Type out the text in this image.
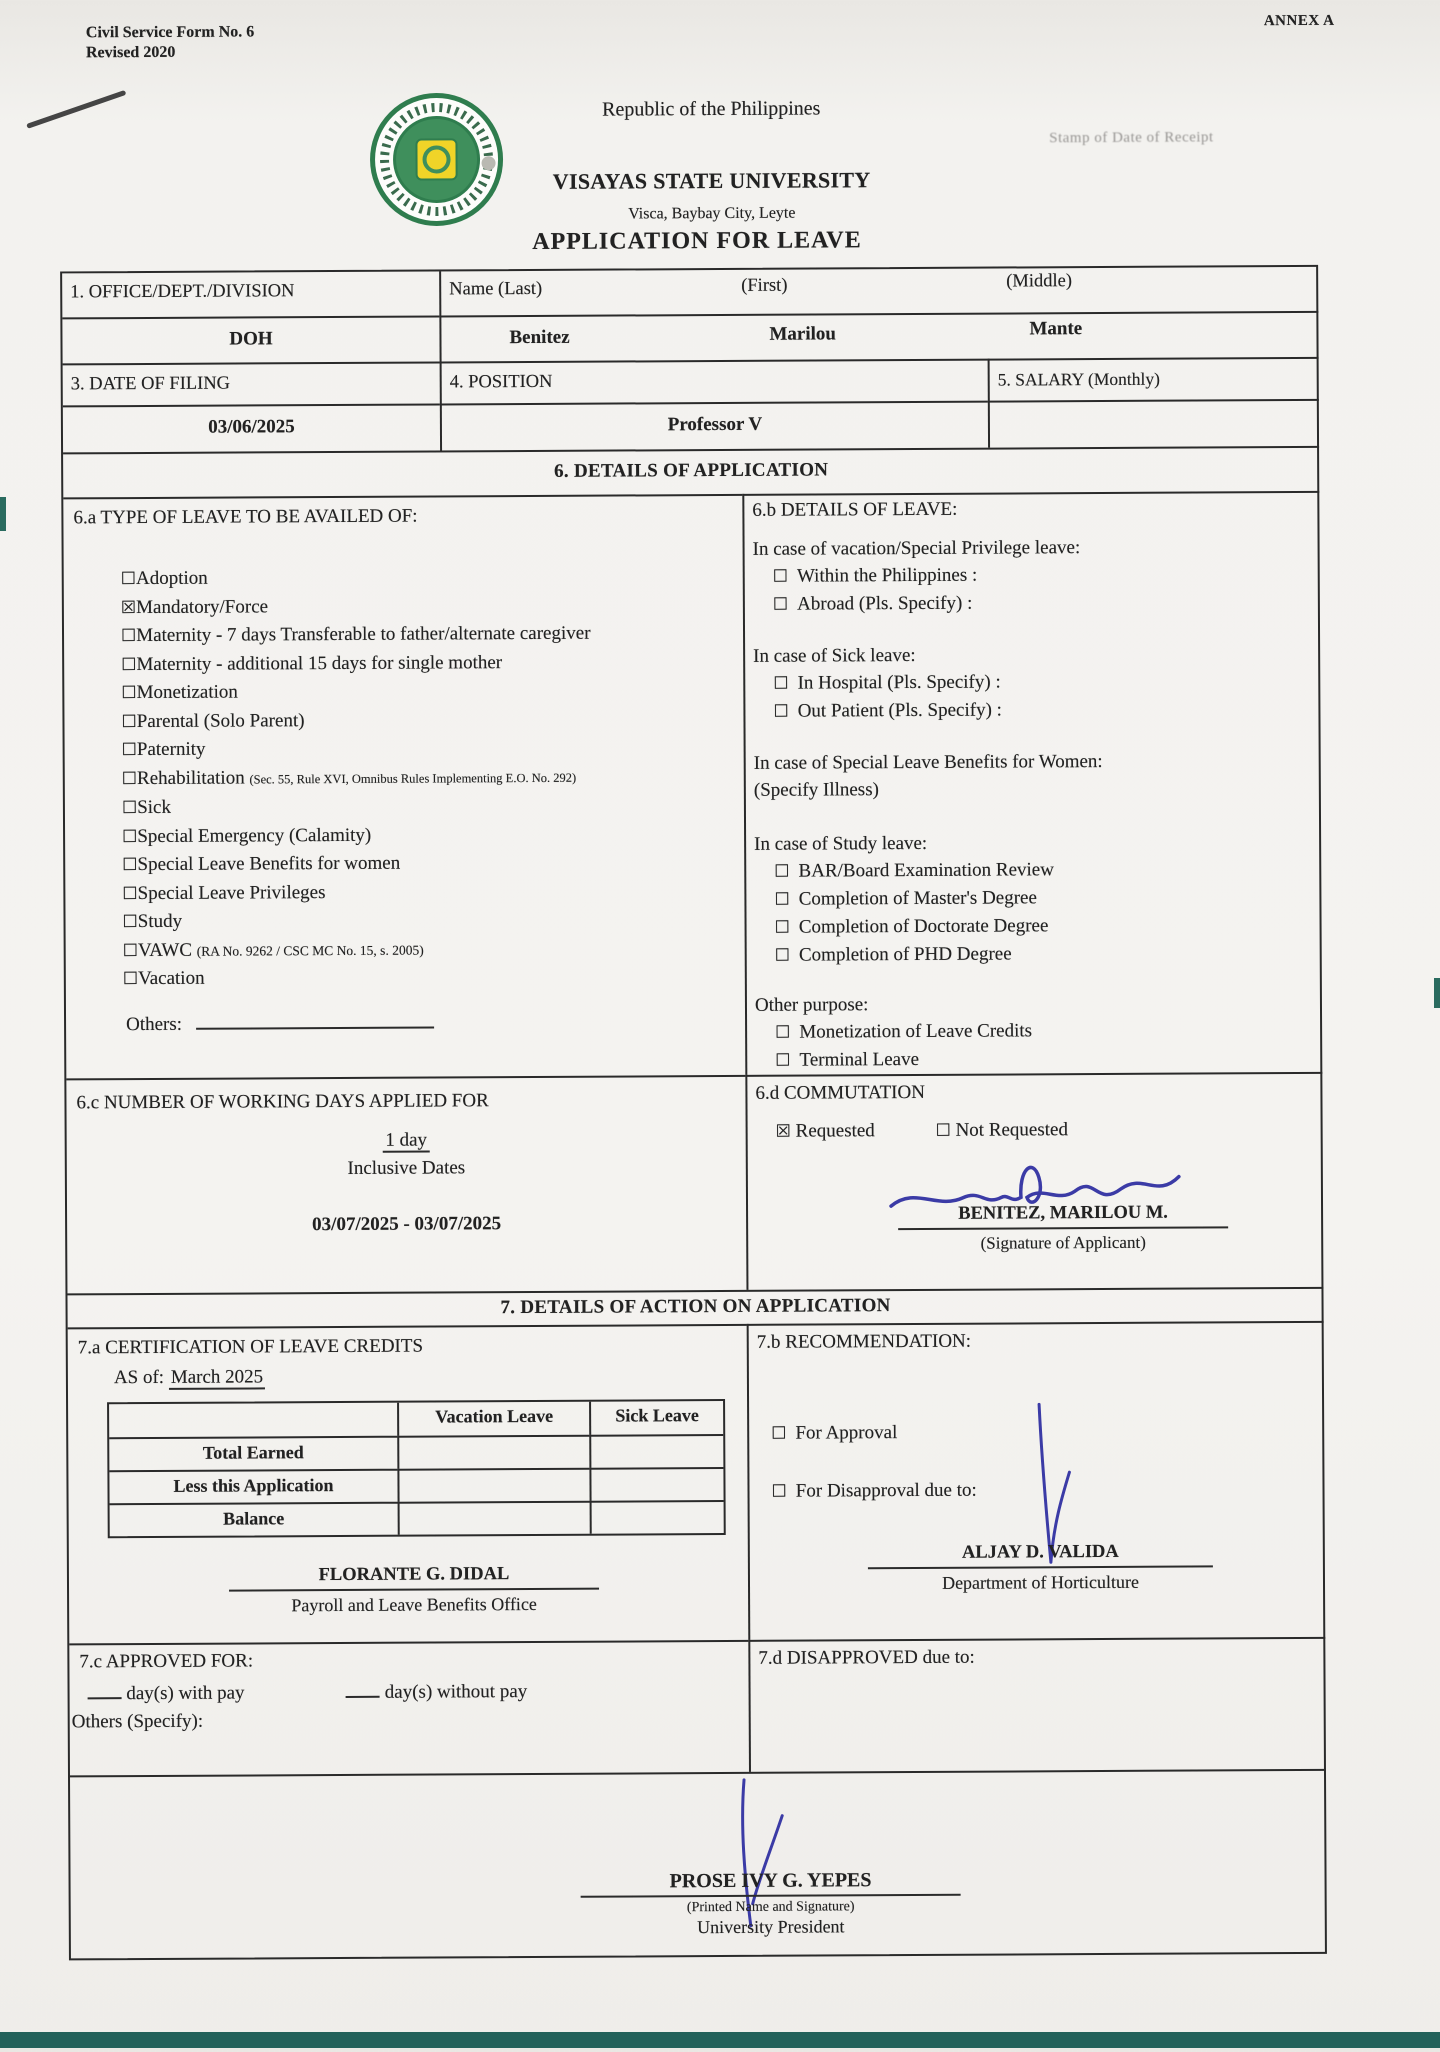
Civil Service Form No. 6
Revised 2020
ANNEX A
Republic of the Philippines
VISAYAS STATE UNIVERSITY
Visca, Baybay City, Leyte
Stamp of Date of Receipt
APPLICATION FOR LEAVE
1. OFFICE/DEPT./DIVISION	Name (Last)	(First)	(Middle)
DOH	Benitez	Marilou	Mante
3. DATE OF FILING	4. POSITION	5. SALARY (Monthly)
03/06/2025	Professor V
6. DETAILS OF APPLICATION
6.a TYPE OF LEAVE TO BE AVAILED OF:
☐Adoption
☒Mandatory/Force
☐Maternity - 7 days Transferable to father/alternate caregiver
☐Maternity - additional 15 days for single mother
☐Monetization
☐Parental (Solo Parent)
☐Paternity
☐Rehabilitation (Sec. 55, Rule XVI, Omnibus Rules Implementing E.O. No. 292)
☐Sick
☐Special Emergency (Calamity)
☐Special Leave Benefits for women
☐Special Leave Privileges
☐Study
☐VAWC (RA No. 9262 / CSC MC No. 15, s. 2005)
☐Vacation
Others:
6.b DETAILS OF LEAVE:
In case of vacation/Special Privilege leave:
☐ Within the Philippines :
☐ Abroad (Pls. Specify) :
In case of Sick leave:
☐ In Hospital (Pls. Specify) :
☐ Out Patient (Pls. Specify) :
In case of Special Leave Benefits for Women:
(Specify Illness)
In case of Study leave:
☐ BAR/Board Examination Review
☐ Completion of Master's Degree
☐ Completion of Doctorate Degree
☐ Completion of PHD Degree
Other purpose:
☐ Monetization of Leave Credits
☐ Terminal Leave
6.c NUMBER OF WORKING DAYS APPLIED FOR
1 day
Inclusive Dates
03/07/2025 - 03/07/2025
6.d COMMUTATION
☒ Requested	☐ Not Requested
BENITEZ, MARILOU M.
(Signature of Applicant)
7. DETAILS OF ACTION ON APPLICATION
7.a CERTIFICATION OF LEAVE CREDITS
AS of: March 2025
Vacation Leave	Sick Leave
Total Earned
Less this Application
Balance
FLORANTE G. DIDAL
Payroll and Leave Benefits Office
7.b RECOMMENDATION:
☐ For Approval
☐ For Disapproval due to:
ALJAY D. VALIDA
Department of Horticulture
7.c APPROVED FOR:
day(s) with pay	day(s) without pay
Others (Specify):
7.d DISAPPROVED due to:
PROSE IVY G. YEPES
(Printed Name and Signature)
University President
